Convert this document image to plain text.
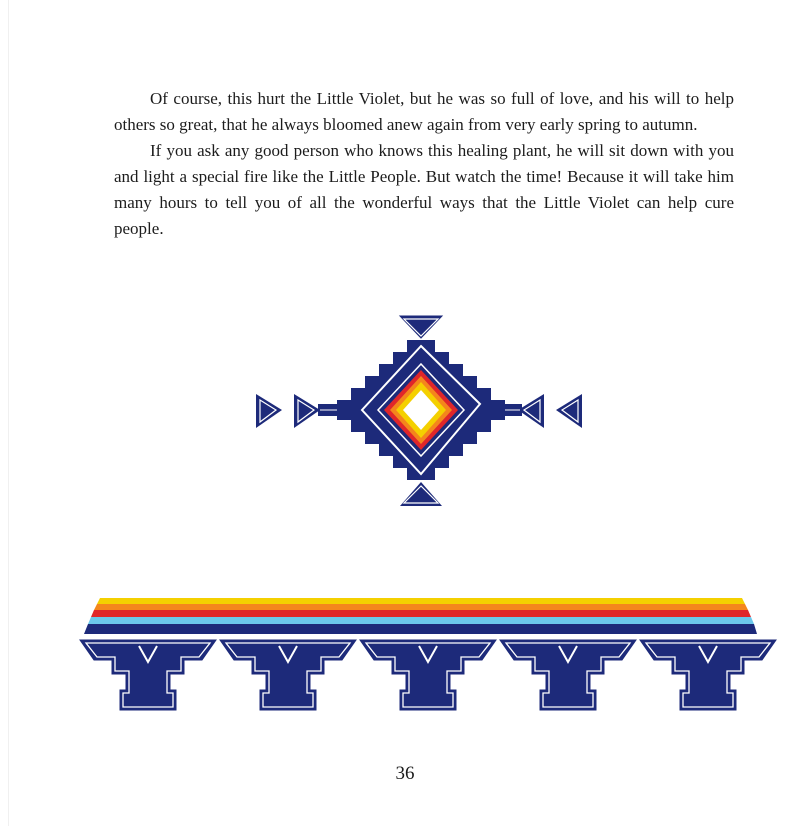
Of course, this hurt the Little Violet, but he was so full of love, and his will to help others so great, that he always bloomed anew again from very early spring to autumn.

If you ask any good person who knows this healing plant, he will sit down with you and light a special fire like the Little People. But watch the time! Because it will take him many hours to tell you of all the wonderful ways that the Little Violet can help cure people.

36
